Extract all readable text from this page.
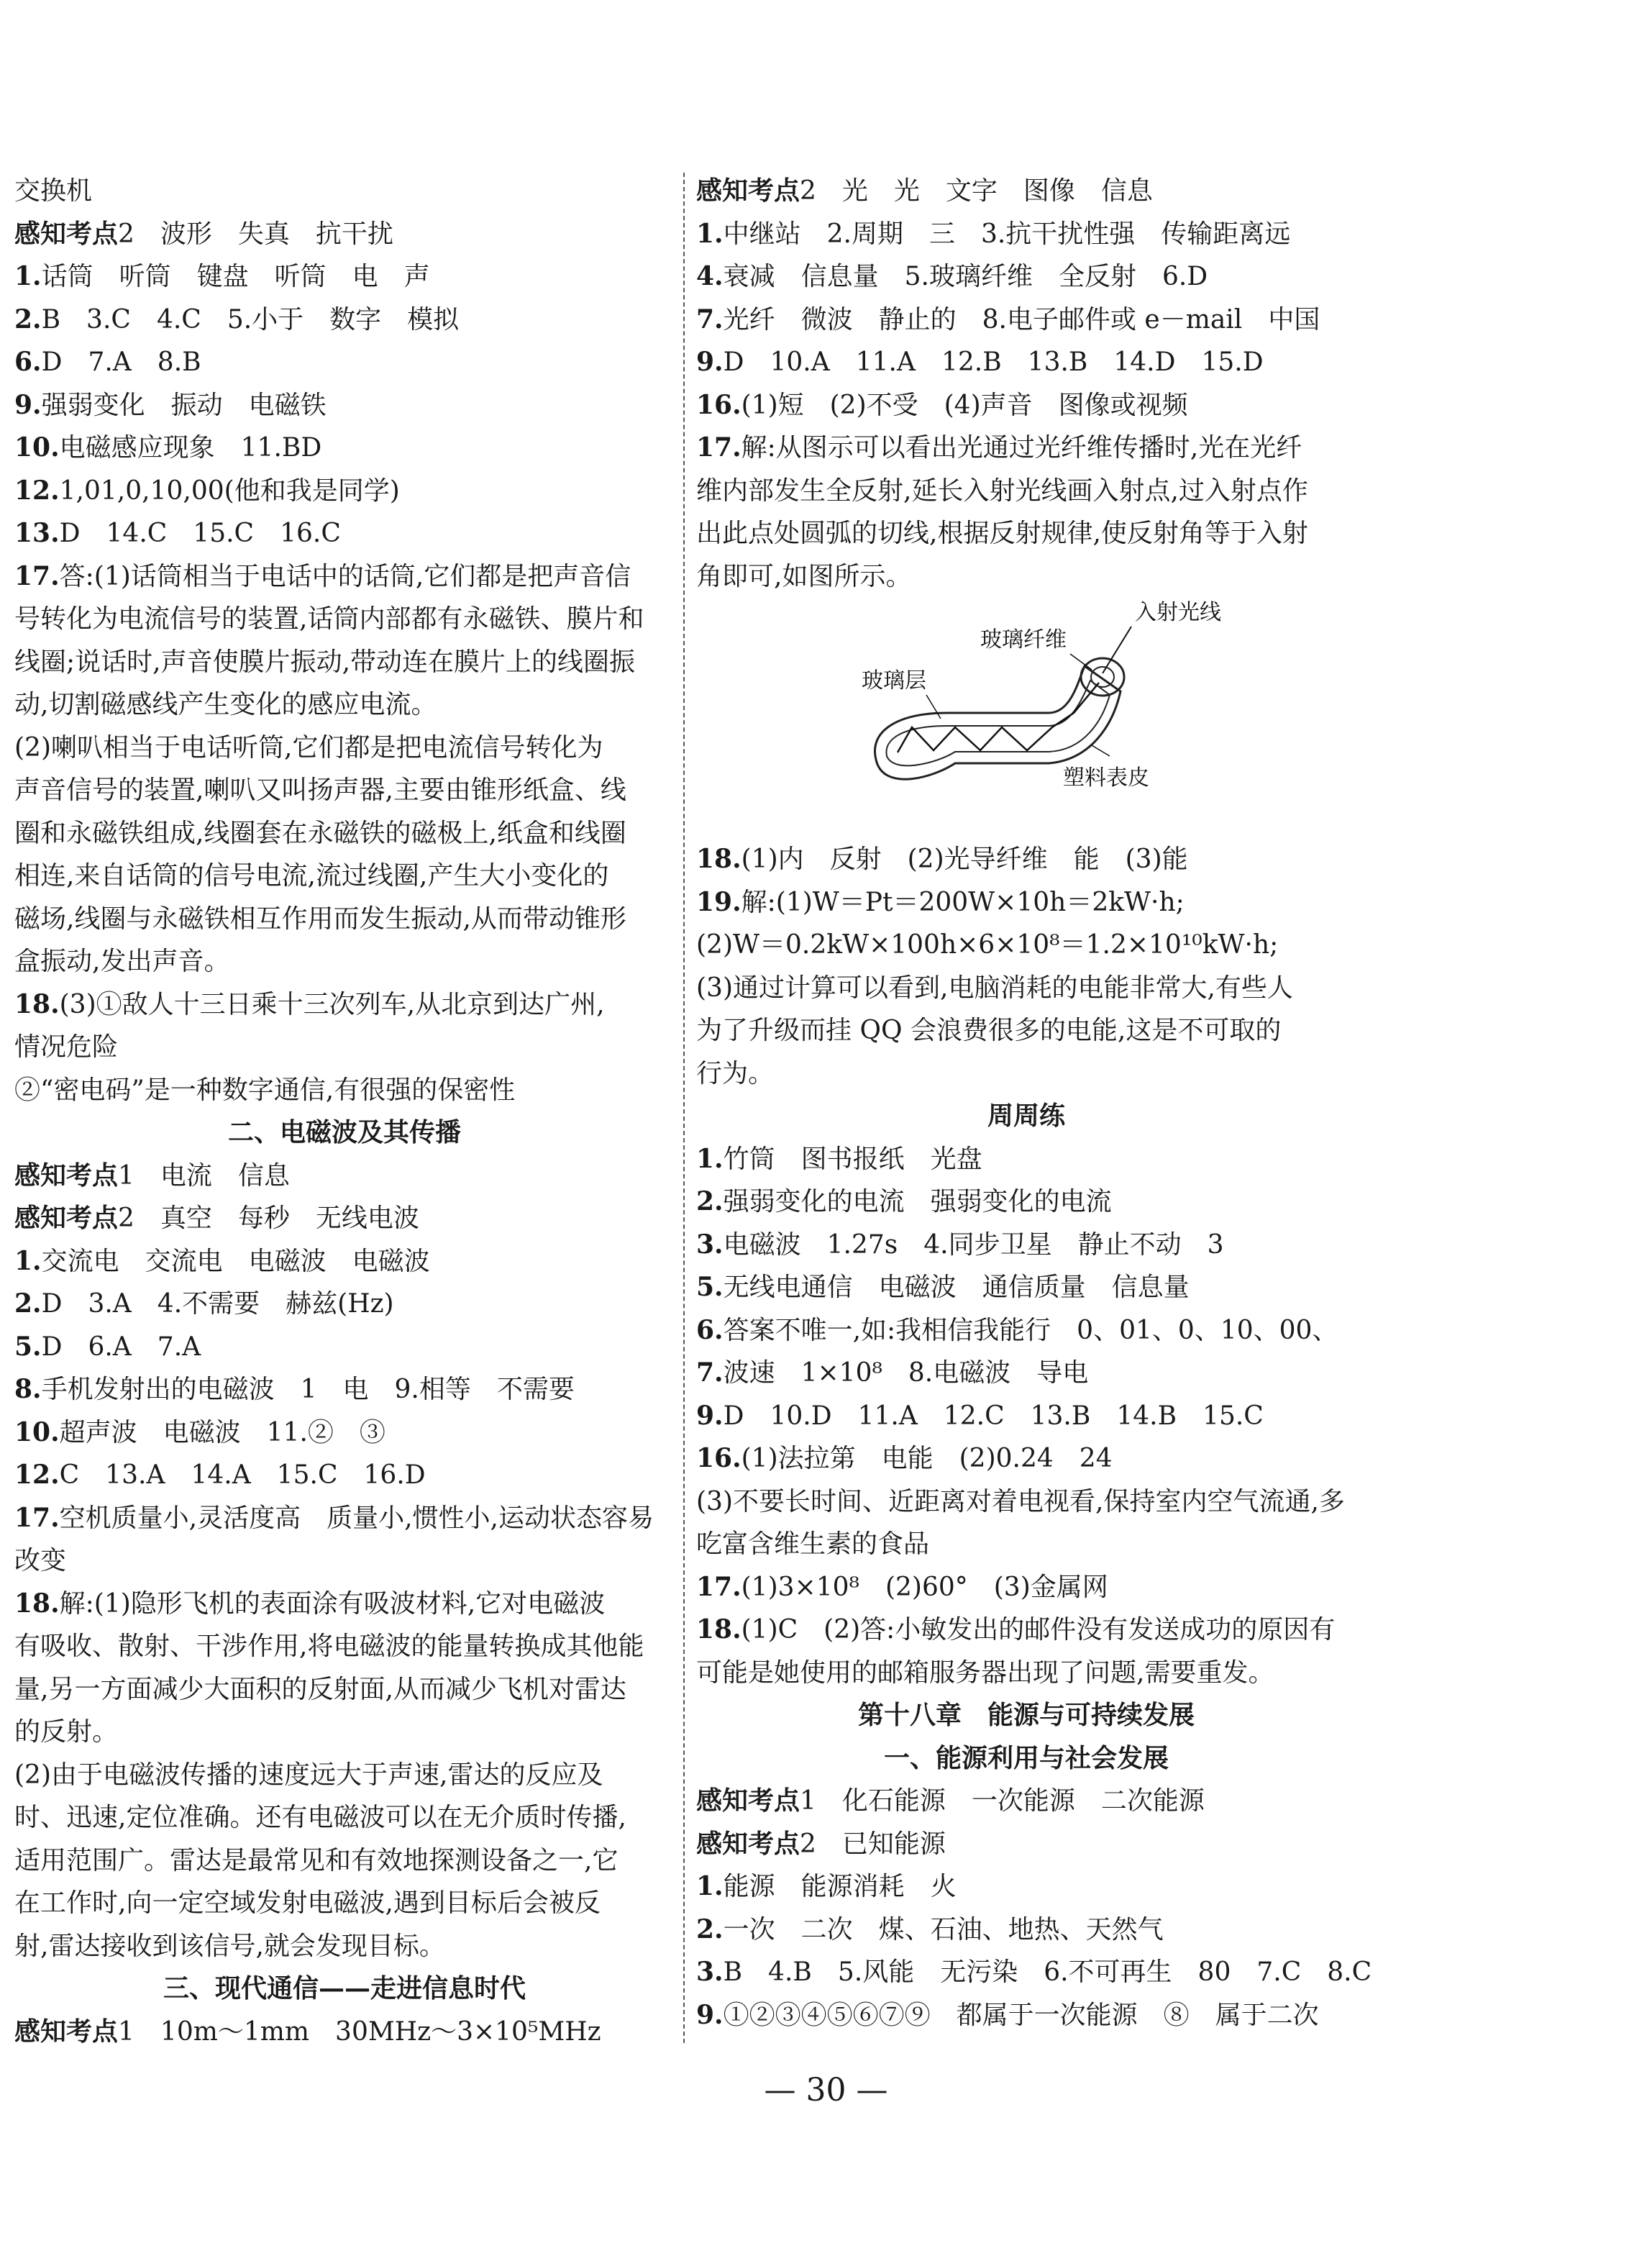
交换机
感知考点2　波形　失真　抗干扰
1.话筒　听筒　键盘　听筒　电　声
2.B　3.C　4.C　5.小于　数字　模拟
6.D　7.A　8.B
9.强弱变化　振动　电磁铁
10.电磁感应现象　11.BD
12.1,01,0,10,00(他和我是同学)
13.D　14.C　15.C　16.C
17.答:(1)话筒相当于电话中的话筒,它们都是把声音信
号转化为电流信号的装置,话筒内部都有永磁铁、膜片和
线圈;说话时,声音使膜片振动,带动连在膜片上的线圈振
动,切割磁感线产生变化的感应电流。
(2)喇叭相当于电话听筒,它们都是把电流信号转化为
声音信号的装置,喇叭又叫扬声器,主要由锥形纸盒、线
圈和永磁铁组成,线圈套在永磁铁的磁极上,纸盒和线圈
相连,来自话筒的信号电流,流过线圈,产生大小变化的
磁场,线圈与永磁铁相互作用而发生振动,从而带动锥形
盒振动,发出声音。
18.(3)①敌人十三日乘十三次列车,从北京到达广州,
情况危险
②“密电码”是一种数字通信,有很强的保密性
二、电磁波及其传播
感知考点1　电流　信息
感知考点2　真空　每秒　无线电波
1.交流电　交流电　电磁波　电磁波
2.D　3.A　4.不需要　赫兹(Hz)
5.D　6.A　7.A
8.手机发射出的电磁波　1　电　9.相等　不需要
10.超声波　电磁波　11.②　③
12.C　13.A　14.A　15.C　16.D
17.空机质量小,灵活度高　质量小,惯性小,运动状态容易
改变
18.解:(1)隐形飞机的表面涂有吸波材料,它对电磁波
有吸收、散射、干涉作用,将电磁波的能量转换成其他能
量,另一方面减少大面积的反射面,从而减少飞机对雷达
的反射。
(2)由于电磁波传播的速度远大于声速,雷达的反应及
时、迅速,定位准确。还有电磁波可以在无介质时传播,
适用范围广。雷达是最常见和有效地探测设备之一,它
在工作时,向一定空域发射电磁波,遇到目标后会被反
射,雷达接收到该信号,就会发现目标。
三、现代通信——走进信息时代
感知考点1　10m～1mm　30MHz～3×10⁵MHz
感知考点2　光　光　文字　图像　信息
1.中继站　2.周期　三　3.抗干扰性强　传输距离远
4.衰减　信息量　5.玻璃纤维　全反射　6.D
7.光纤　微波　静止的　8.电子邮件或 e－mail　中国
9.D　10.A　11.A　12.B　13.B　14.D　15.D
16.(1)短　(2)不受　(4)声音　图像或视频
17.解:从图示可以看出光通过光纤维传播时,光在光纤
维内部发生全反射,延长入射光线画入射点,过入射点作
出此点处圆弧的切线,根据反射规律,使反射角等于入射
角即可,如图所示。
入射光线
玻璃纤维
玻璃层
塑料表皮
18.(1)内　反射　(2)光导纤维　能　(3)能
19.解:(1)W＝Pt＝200W×10h＝2kW·h;
(2)W＝0.2kW×100h×6×10⁸＝1.2×10¹⁰kW·h;
(3)通过计算可以看到,电脑消耗的电能非常大,有些人
为了升级而挂 QQ 会浪费很多的电能,这是不可取的
行为。
周周练
1.竹筒　图书报纸　光盘
2.强弱变化的电流　强弱变化的电流
3.电磁波　1.27s　4.同步卫星　静止不动　3
5.无线电通信　电磁波　通信质量　信息量
6.答案不唯一,如:我相信我能行　0、01、0、10、00、
7.波速　1×10⁸　8.电磁波　导电
9.D　10.D　11.A　12.C　13.B　14.B　15.C
16.(1)法拉第　电能　(2)0.24　24
(3)不要长时间、近距离对着电视看,保持室内空气流通,多
吃富含维生素的食品
17.(1)3×10⁸　(2)60°　(3)金属网
18.(1)C　(2)答:小敏发出的邮件没有发送成功的原因有
可能是她使用的邮箱服务器出现了问题,需要重发。
第十八章　能源与可持续发展
一、能源利用与社会发展
感知考点1　化石能源　一次能源　二次能源
感知考点2　已知能源
1.能源　能源消耗　火
2.一次　二次　煤、石油、地热、天然气
3.B　4.B　5.风能　无污染　6.不可再生　80　7.C　8.C
9.①②③④⑤⑥⑦⑨　都属于一次能源　⑧　属于二次
— 30 —
